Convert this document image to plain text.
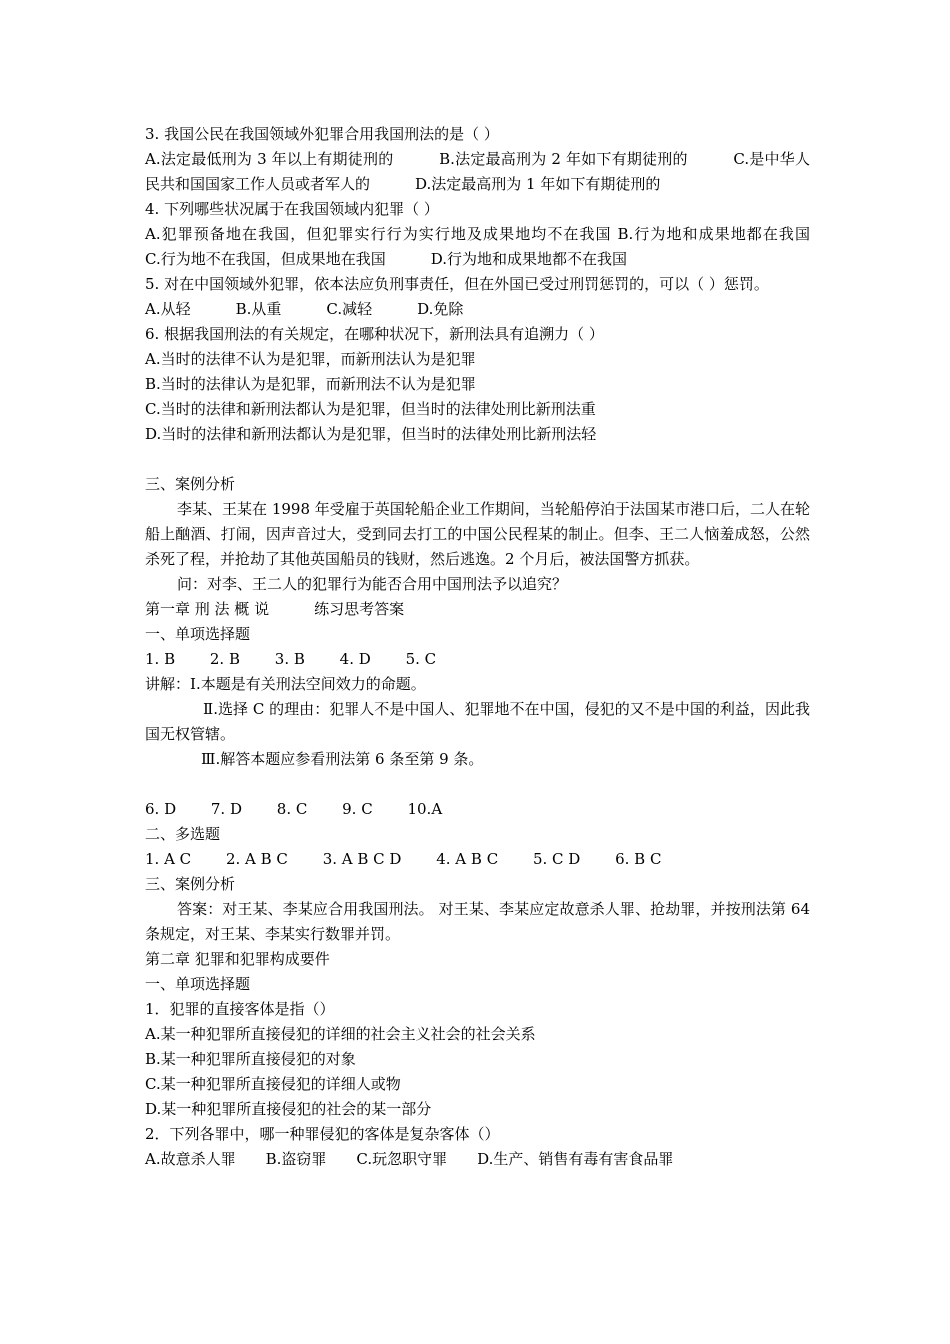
3. 我国公民在我国领域外犯罪合用我国刑法的是（ ）

A.法定最低刑为 3 年以上有期徒刑的　　　B.法定最高刑为 2 年如下有期徒刑的　　　C.是中华人民共和国国家工作人员或者军人的　　　D.法定最高刑为 1 年如下有期徒刑的

4. 下列哪些状况属于在我国领域内犯罪（ ）

A.犯罪预备地在我国，但犯罪实行行为实行地及成果地均不在我国 B.行为地和成果地都在我国　　　C.行为地不在我国，但成果地在我国　　　D.行为地和成果地都不在我国

5. 对在中国领域外犯罪，依本法应负刑事责任，但在外国已受过刑罚惩罚的，可以（ ）惩罚。

A.从轻　　　B.从重　　　C.减轻　　　D.免除

6. 根据我国刑法的有关规定，在哪种状况下，新刑法具有追溯力（ ）

A.当时的法律不认为是犯罪，而新刑法认为是犯罪

B.当时的法律认为是犯罪，而新刑法不认为是犯罪

C.当时的法律和新刑法都认为是犯罪，但当时的法律处刑比新刑法重

D.当时的法律和新刑法都认为是犯罪，但当时的法律处刑比新刑法轻

三、案例分析

李某、王某在 1998 年受雇于英国轮船企业工作期间，当轮船停泊于法国某市港口后，二人在轮船上酗酒、打闹，因声音过大，受到同去打工的中国公民程某的制止。但李、王二人恼羞成怒，公然杀死了程，并抢劫了其他英国船员的钱财，然后逃逸。2 个月后，被法国警方抓获。

问：对李、王二人的犯罪行为能否合用中国刑法予以追究？

第一章 刑 法 概 说　　　练习思考答案

一、单项选择题

1. B 2. B 3. B 4. D 5. C

讲解：Ⅰ.本题是有关刑法空间效力的命题。

Ⅱ.选择 C 的理由：犯罪人不是中国人、犯罪地不在中国，侵犯的又不是中国的利益，因此我国无权管辖。

Ⅲ.解答本题应参看刑法第 6 条至第 9 条。

6. D 7. D 8. C 9. C 10.A

二、多选题

1. A C 2. A B C 3. A B C D 4. A B C 5. C D 6. B C

三、案例分析

答案：对王某、李某应合用我国刑法。 对王某、李某应定故意杀人罪、抢劫罪，并按刑法第 64 条规定，对王某、李某实行数罪并罚。

第二章 犯罪和犯罪构成要件

一、单项选择题

1．犯罪的直接客体是指（）

A.某一种犯罪所直接侵犯的详细的社会主义社会的社会关系

B.某一种犯罪所直接侵犯的对象

C.某一种犯罪所直接侵犯的详细人或物

D.某一种犯罪所直接侵犯的社会的某一部分

2．下列各罪中，哪一种罪侵犯的客体是复杂客体（）

A.故意杀人罪　　B.盗窃罪　　C.玩忽职守罪　　D.生产、销售有毒有害食品罪
